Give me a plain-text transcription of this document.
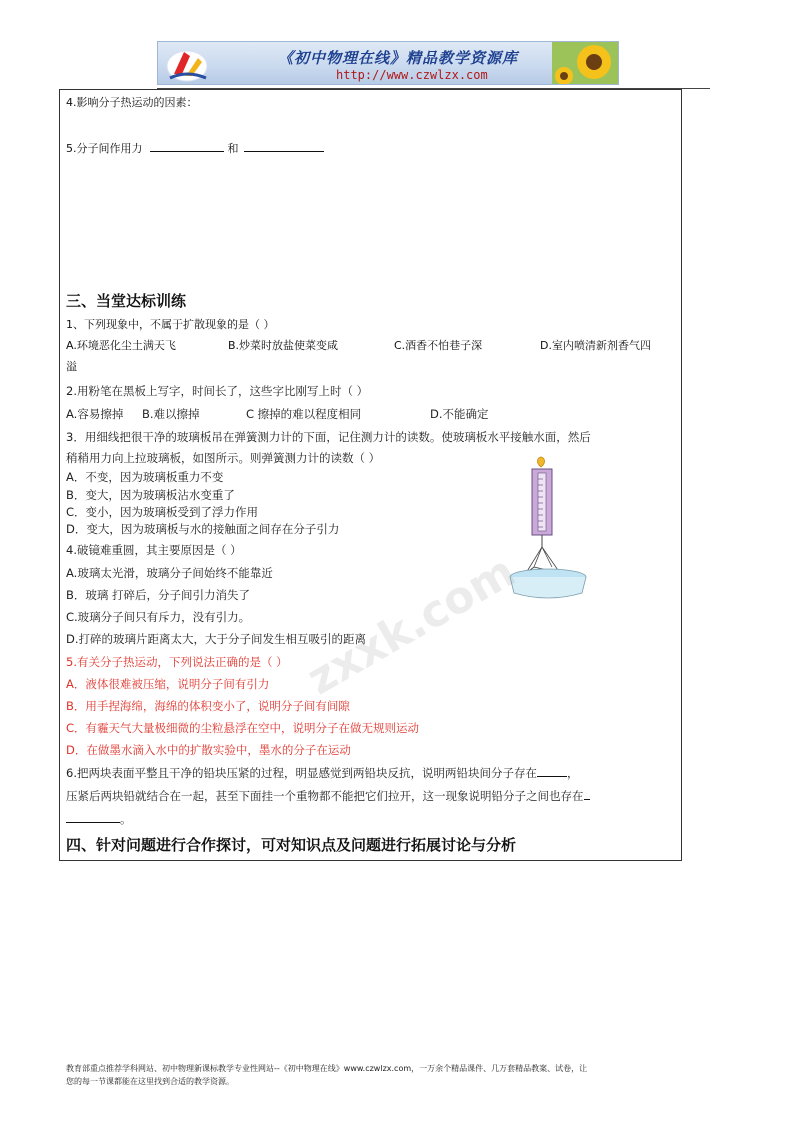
《初中物理在线》精品教学资源库
http://www.czwlzx.com
4.影响分子热运动的因素：
5.分子间作用力	和
三、当堂达标训练
1、下列现象中，不属于扩散现象的是（ ）
A.环境恶化尘土满天飞	B.炒菜时放盐使菜变咸	C.酒香不怕巷子深	D.室内喷清新剂香气四
溢
2.用粉笔在黑板上写字，时间长了，这些字比刚写上时（ ）
A.容易擦掉 B.难以擦掉	C 擦掉的难以程度相同	D.不能确定
3．用细线把很干净的玻璃板吊在弹簧测力计的下面，记住测力计的读数。使玻璃板水平接触水面，然后
稍稍用力向上拉玻璃板，如图所示。则弹簧测力计的读数（ ）
A．不变，因为玻璃板重力不变
B．变大，因为玻璃板沾水变重了
C．变小，因为玻璃板受到了浮力作用
D．变大，因为玻璃板与水的接触面之间存在分子引力
4.破镜难重圆，其主要原因是（ ）
A.玻璃太光滑，玻璃分子间始终不能靠近
B．玻璃 打碎后，分子间引力消失了
C.玻璃分子间只有斥力，没有引力。
D.打碎的玻璃片距离太大，大于分子间发生相互吸引的距离
5.有关分子热运动，下列说法正确的是（ ）
A．液体很难被压缩，说明分子间有引力
B．用手捏海绵，海绵的体积变小了，说明分子间有间隙
C．有霾天气大量极细微的尘粒悬浮在空中，说明分子在做无规则运动
D．在做墨水滴入水中的扩散实验中，墨水的分子在运动
6.把两块表面平整且干净的铅块压紧的过程，明显感觉到两铅块反抗，说明两铅块间分子存在	，
压紧后两块铅就结合在一起，甚至下面挂一个重物都不能把它们拉开，这一现象说明铅分子之间也存在
。
四、针对问题进行合作探讨，可对知识点及问题进行拓展讨论与分析
zxxk.com
教育部重点推荐学科网站、初中物理新课标教学专业性网站--《初中物理在线》www.czwlzx.com，一万余个精品课件、几万套精品教案、试卷，让
您的每一节课都能在这里找到合适的教学资源。
